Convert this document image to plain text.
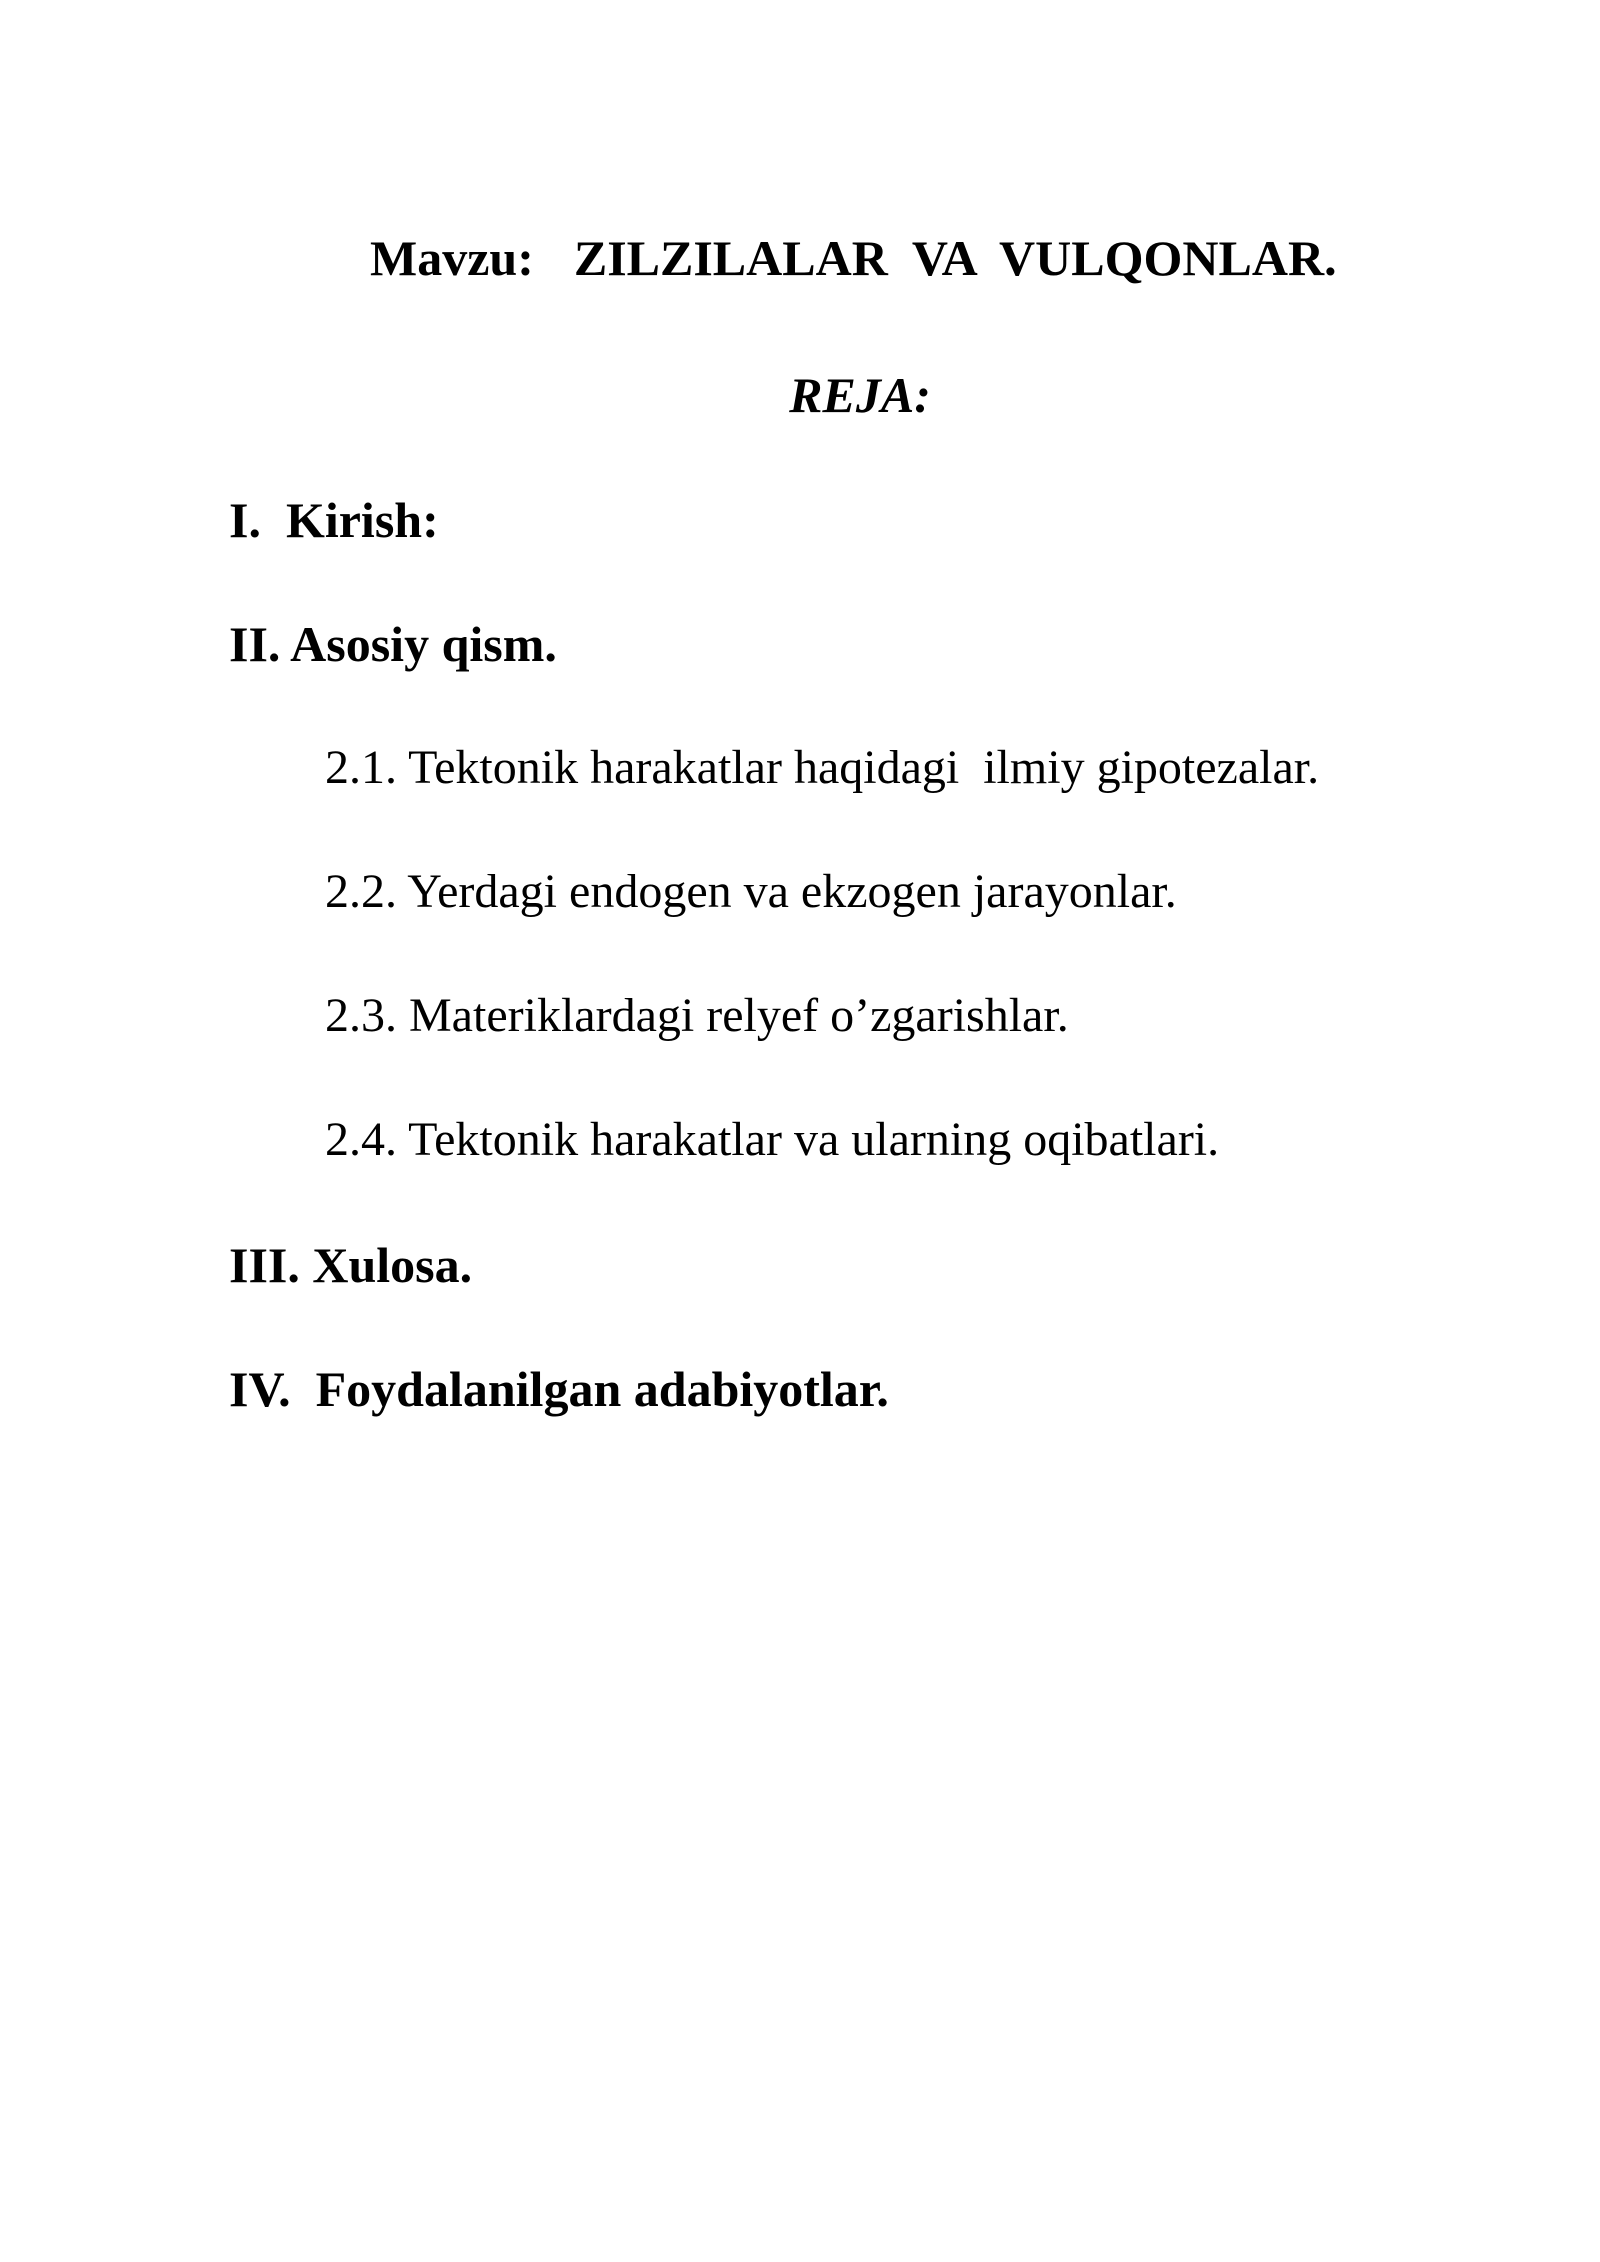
Mavzu: ZILZILALAR  VA  VULQONLAR.

REJA:
I.  Kirish:
II. Asosiy qism.
2.1. Tektonik harakatlar haqidagi  ilmiy gipotezalar.
2.2. Yerdagi endogen va ekzogen jarayonlar.
2.3. Materiklardagi relyef o’zgarishlar.
2.4. Tektonik harakatlar va ularning oqibatlari.
III. Xulosa.
IV.  Foydalanilgan adabiyotlar.
